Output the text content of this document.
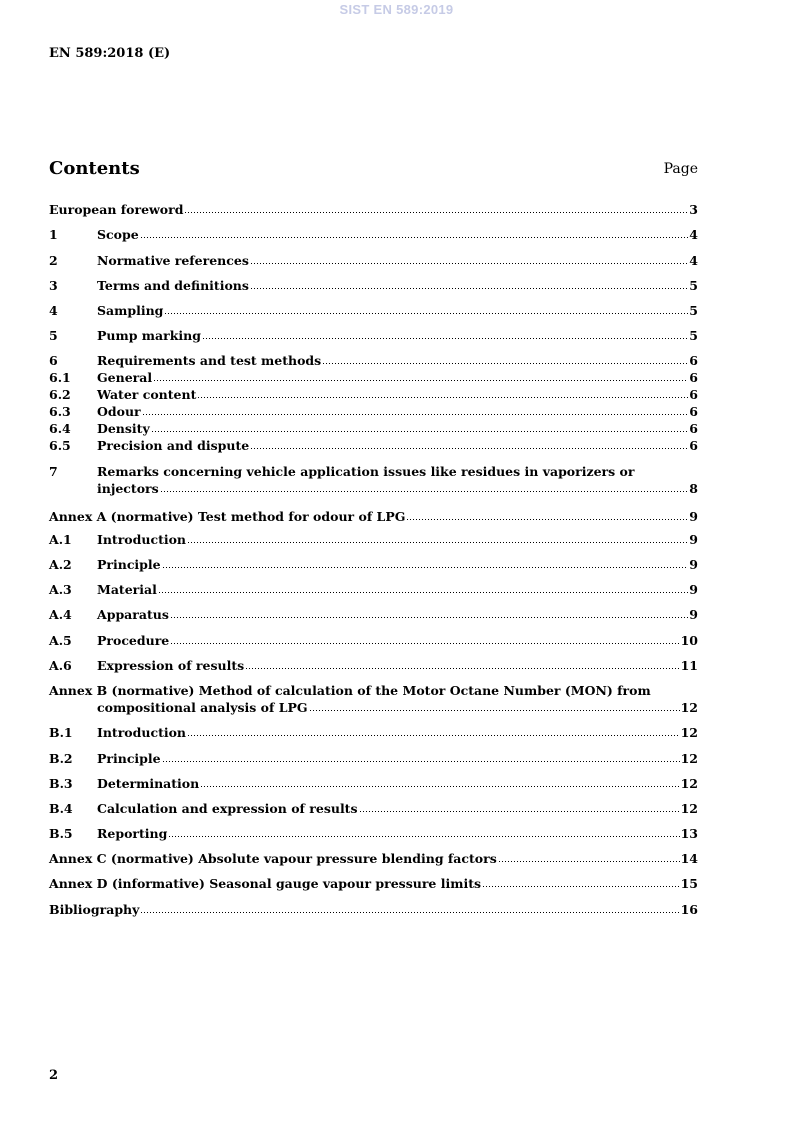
SIST EN 589:2019
EN 589:2018 (E)
Contents	Page
European foreword	3
1	Scope	4
2	Normative references	4
3	Terms and definitions	5
4	Sampling	5
5	Pump marking	5
6	Requirements and test methods	6
6.1	General	6
6.2	Water content	6
6.3	Odour	6
6.4	Density	6
6.5	Precision and dispute	6
7	Remarks concerning vehicle application issues like residues in vaporizers or
injectors	8
Annex A (normative) Test method for odour of LPG	9
A.1	Introduction	9
A.2	Principle	9
A.3	Material	9
A.4	Apparatus	9
A.5	Procedure	10
A.6	Expression of results	11
Annex B (normative) Method of calculation of the Motor Octane Number (MON) from
compositional analysis of LPG	12
B.1	Introduction	12
B.2	Principle	12
B.3	Determination	12
B.4	Calculation and expression of results	12
B.5	Reporting	13
Annex C (normative) Absolute vapour pressure blending factors	14
Annex D (informative) Seasonal gauge vapour pressure limits	15
Bibliography	16
2
